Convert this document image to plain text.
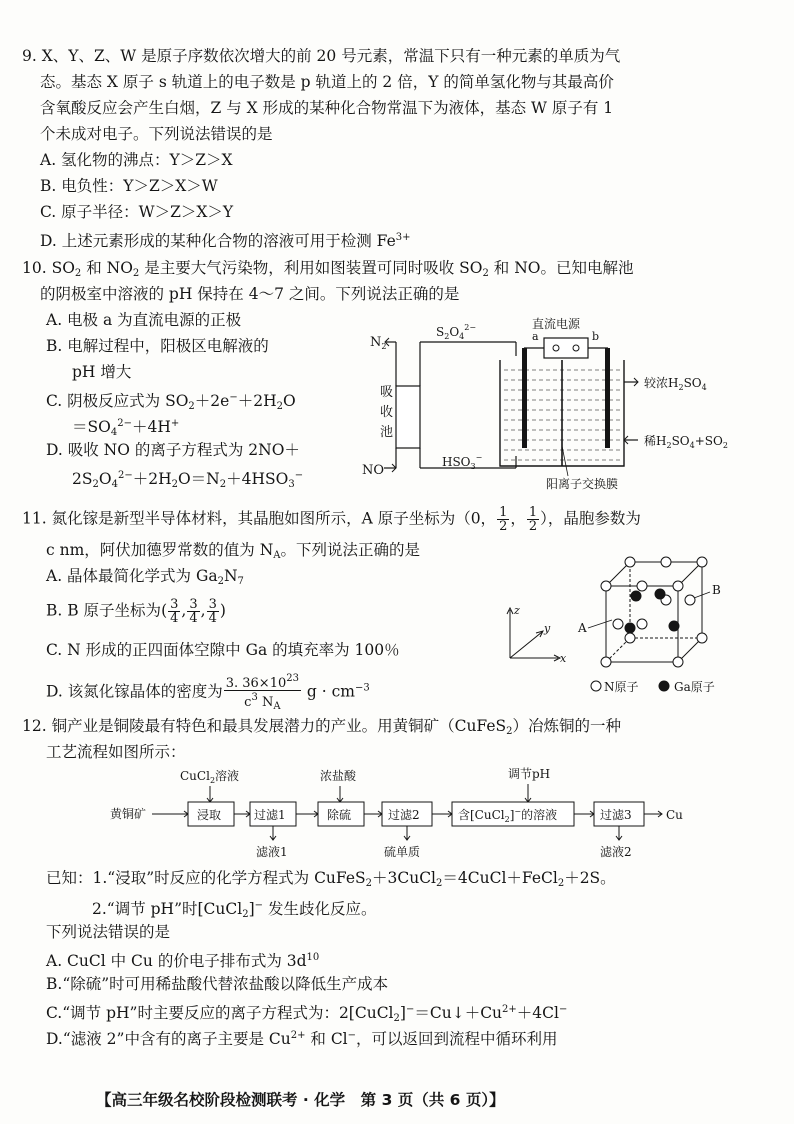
9. X、Y、Z、W 是原子序数依次增大的前 20 号元素，常温下只有一种元素的单质为气
态。基态 X 原子 s 轨道上的电子数是 p 轨道上的 2 倍，Y 的简单氢化物与其最高价
含氧酸反应会产生白烟，Z 与 X 形成的某种化合物常温下为液体，基态 W 原子有 1
个未成对电子。下列说法错误的是
A. 氢化物的沸点：Y＞Z＞X
B. 电负性：Y＞Z＞X＞W
C. 原子半径：W＞Z＞X＞Y
D. 上述元素形成的某种化合物的溶液可用于检测 $Fe^{3+}$
10. $SO_2$ 和 $NO_2$ 是主要大气污染物，利用如图装置可同时吸收 $SO_2$ 和 NO。已知电解池
的阴极室中溶液的 pH 保持在 4～7 之间。下列说法正确的是
A. 电极 a 为直流电源的正极
B. 电解过程中，阳极区电解液的
pH 增大
C. 阴极反应式为 $SO_2+2e^-+2H_2O$
$=SO_4^{2-}+4H^+$
D. 吸收 NO 的离子方程式为 2NO＋
$2S_2O_4^{2-}+2H_2O=N_2+4HSO_3^-$
$N_2$
吸
收
池
$S_2O_4^{2-}$
$HSO_3^-$
NO
直流电源
a	b
较浓$H_2SO_4$
稀$H_2SO_4+SO_2$
阳离子交换膜
11. 氮化镓是新型半导体材料，其晶胞如图所示，A 原子坐标为（0， $\frac{1}{2}$ ， $\frac{1}{2}$ ），晶胞参数为
c nm，阿伏加德罗常数的值为 $N_A$。下列说法正确的是
A. 晶体最简化学式为 $Ga_2N_7$
B. B 原子坐标为( $\frac{3}{4}$ , $\frac{3}{4}$ , $\frac{3}{4}$ )
C. N 形成的正四面体空隙中 Ga 的填充率为 100％
D. 该氮化镓晶体的密度为 $\frac{3. 36\times 10^{23}}{c^3 N_A}$ $g \cdot cm^{-3}$
z
y
x
A
B
N原子	Ga原子
12. 铜产业是铜陵最有特色和最具发展潜力的产业。用黄铜矿（CuFeS$_2$）冶炼铜的一种
工艺流程如图所示：
黄铜矿
CuCl$_2$溶液
浸取	过滤1
滤液1
浓盐酸
除硫	过滤2
硫单质
调节pH
含[CuCl$_2$]−的溶液	过滤3
滤液2
Cu
已知：1.“浸取”时反应的化学方程式为 CuFeS$_2$＋3CuCl$_2$＝4CuCl＋FeCl$_2$＋2S。
2.“调节 pH”时[CuCl$_2$]− 发生歧化反应。
下列说法错误的是
A. CuCl 中 Cu 的价电子排布式为 $3d^{10}$
B.“除硫”时可用稀盐酸代替浓盐酸以降低生产成本
C.“调节 pH”时主要反应的离子方程式为：$2[CuCl_2]^-=Cu↓+Cu^{2+}+4Cl^-$
D.“滤液 2”中含有的离子主要是 $Cu^{2+}$ 和 Cl−，可以返回到流程中循环利用
【高三年级名校阶段检测联考 · 化学　第 3 页（共 6 页）】
